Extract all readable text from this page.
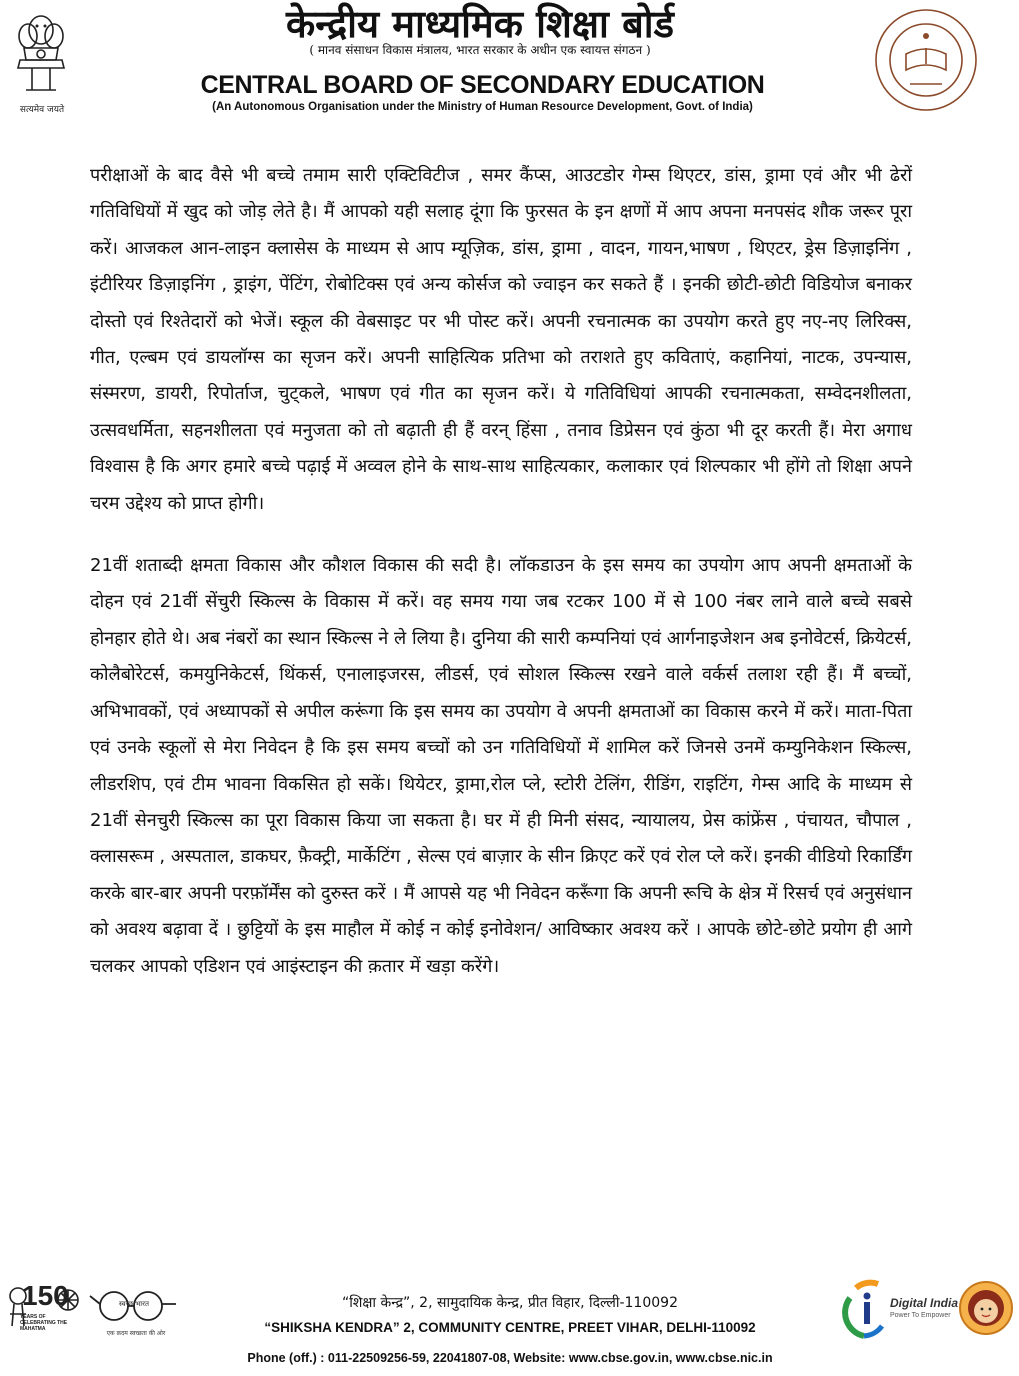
सत्यमेव जयते
केन्द्रीय माध्यमिक शिक्षा बोर्ड
( मानव संसाधन विकास मंत्रालय, भारत सरकार के अधीन एक स्वायत्त संगठन )
CENTRAL BOARD OF SECONDARY EDUCATION
(An Autonomous Organisation under the Ministry of Human Resource Development, Govt. of India)

परीक्षाओं के बाद वैसे भी बच्चे तमाम सारी एक्टिविटीज , समर कैंप्स, आउटडोर गेम्स थिएटर, डांस, ड्रामा एवं और भी ढेरों गतिविधियों में खुद को जोड़ लेते है। मैं आपको यही सलाह दूंगा कि फुरसत के इन क्षणों में आप अपना मनपसंद शौक जरूर पूरा करें। आजकल आन-लाइन क्लासेस के माध्यम से आप म्यूज़िक, डांस, ड्रामा , वादन, गायन,भाषण , थिएटर, ड्रेस डिज़ाइनिंग , इंटीरियर डिज़ाइनिंग , ड्राइंग, पेंटिंग, रोबोटिक्स एवं अन्य कोर्सज को ज्वाइन कर सकते हैं । इनकी छोटी-छोटी विडियोज बनाकर दोस्तो एवं रिश्तेदारों को भेजें। स्कूल की वेबसाइट पर भी पोस्ट करें। अपनी रचनात्मक का उपयोग करते हुए नए-नए लिरिक्स, गीत, एल्बम एवं डायलॉग्स का सृजन करें। अपनी साहित्यिक प्रतिभा को तराशते हुए कविताएं, कहानियां, नाटक, उपन्यास, संस्मरण, डायरी, रिपोर्ताज, चुट्कले, भाषण एवं गीत का सृजन करें। ये गतिविधियां आपकी रचनात्मकता, सम्वेदनशीलता, उत्सवधर्मिता, सहनशीलता एवं मनुजता को तो बढ़ाती ही हैं वरन् हिंसा , तनाव डिप्रेसन एवं कुंठा भी दूर करती हैं। मेरा अगाध विश्वास है कि अगर हमारे बच्चे पढ़ाई में अव्वल होने के साथ-साथ साहित्यकार, कलाकार एवं शिल्पकार भी होंगे तो शिक्षा अपने चरम उद्देश्य को प्राप्त होगी।

21वीं शताब्दी क्षमता विकास और कौशल विकास की सदी है। लॉकडाउन के इस समय का उपयोग आप अपनी क्षमताओं के दोहन एवं 21वीं सेंचुरी स्किल्स के विकास में करें। वह समय गया जब रटकर 100 में से 100 नंबर लाने वाले बच्चे सबसे होनहार होते थे। अब नंबरों का स्थान स्किल्स ने ले लिया है। दुनिया की सारी कम्पनियां एवं आर्गनाइजेशन अब इनोवेटर्स, क्रियेटर्स, कोलैबोरेटर्स, कमयुनिकेटर्स, थिंकर्स, एनालाइजरस, लीडर्स, एवं सोशल स्किल्स रखने वाले वर्कर्स तलाश रही हैं। मैं बच्चों, अभिभावकों, एवं अध्यापकों से अपील करूंगा कि इस समय का उपयोग वे अपनी क्षमताओं का विकास करने में करें। माता-पिता एवं उनके स्कूलों से मेरा निवेदन है कि इस समय बच्चों को उन गतिविधियों में शामिल करें जिनसे उनमें कम्युनिकेशन स्किल्स, लीडरशिप, एवं टीम भावना विकसित हो सकें। थियेटर, ड्रामा,रोल प्ले, स्टोरी टेलिंग, रीडिंग, राइटिंग, गेम्स आदि के माध्यम से 21वीं सेनचुरी स्किल्स का पूरा विकास किया जा सकता है। घर में ही मिनी संसद, न्यायालय, प्रेस कांफ्रेंस , पंचायत, चौपाल , क्लासरूम , अस्पताल, डाकघर, फ़ैक्ट्री, मार्केटिंग , सेल्स एवं बाज़ार के सीन क्रिएट करें एवं रोल प्ले करें। इनकी वीडियो रिकार्डिंग करके बार-बार अपनी परफ़ॉर्मेंस को दुरुस्त करें । मैं आपसे यह भी निवेदन करूँगा कि अपनी रूचि के क्षेत्र में रिसर्च एवं अनुसंधान को अवश्य बढ़ावा दें । छुट्टियों के इस माहौल में कोई न कोई इनोवेशन/ आविष्कार अवश्य करें । आपके छोटे-छोटे प्रयोग ही आगे चलकर आपको एडिशन एवं आइंस्टाइन की क़तार में खड़ा करेंगे।

150
YEARS OF CELEBRATING THE MAHATMA
स्वच्छ भारत
एक क़दम स्वच्छता की ओर
“शिक्षा केन्द्र”, 2, सामुदायिक केन्द्र, प्रीत विहार, दिल्ली-110092
“SHIKSHA KENDRA” 2, COMMUNITY CENTRE, PREET VIHAR, DELHI-110092
Phone (off.) : 011-22509256-59, 22041807-08, Website: www.cbse.gov.in, www.cbse.nic.in
Digital India
Power To Empower
